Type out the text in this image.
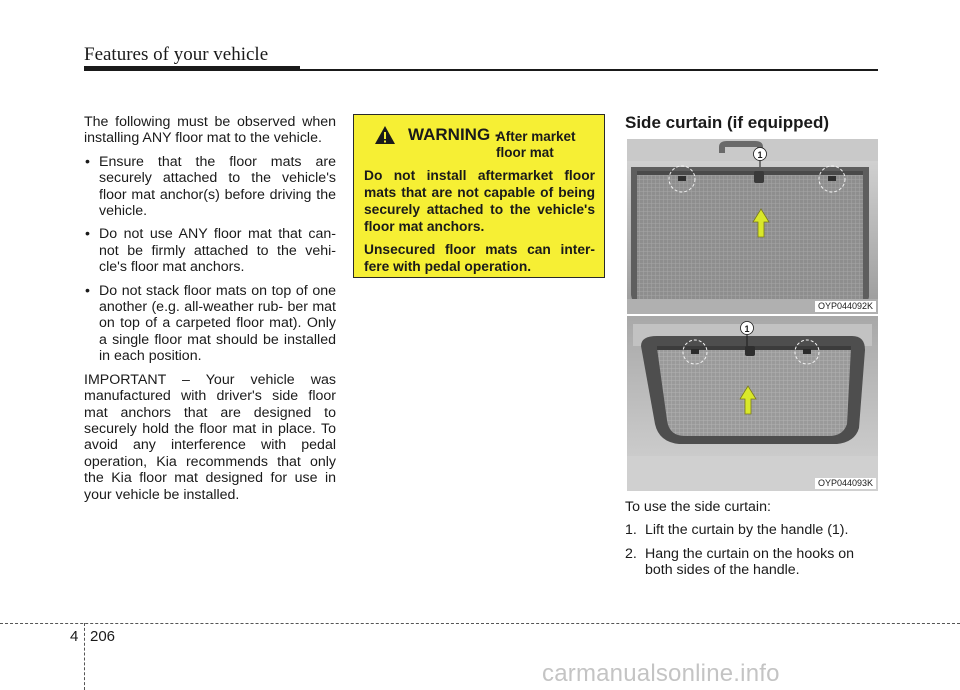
Features of your vehicle

The following must be observed when installing ANY floor mat to the vehicle.

• Ensure that the floor mats are securely attached to the vehicle's floor mat anchor(s) before driving the vehicle.
• Do not use ANY floor mat that can- not be firmly attached to the vehi- cle's floor mat anchors.
• Do not stack floor mats on top of one another (e.g. all-weather rub- ber mat on top of a carpeted floor mat). Only a single floor mat should be installed in each position.

IMPORTANT – Your vehicle was manufactured with driver's side floor mat anchors that are designed to securely hold the floor mat in place. To avoid any interference with pedal operation, Kia recommends that only the Kia floor mat designed for use in your vehicle be installed.

WARNING -
After market floor mat

Do not install aftermarket floor mats that are not capable of being securely attached to the vehicle's floor mat anchors.

Unsecured floor mats can inter- fere with pedal operation.

Side curtain (if equipped)
1
OYP044092K
1
OYP044093K

To use the side curtain:

1. Lift the curtain by the handle (1).
2. Hang the curtain on the hooks on both sides of the handle.
4 206
carmanualsonline.info
